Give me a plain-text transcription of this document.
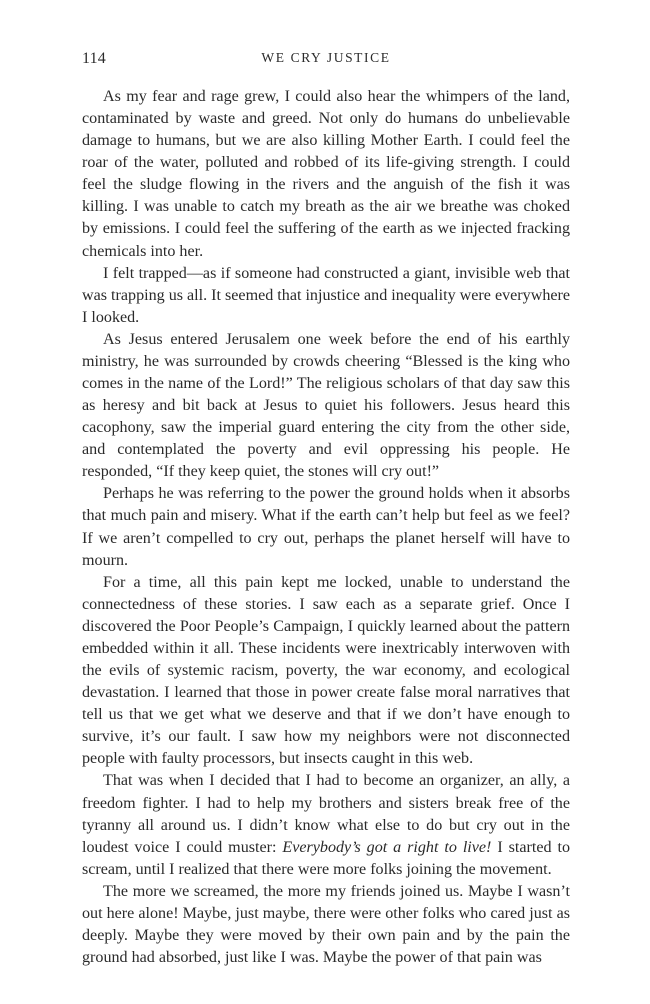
114	WE CRY JUSTICE

As my fear and rage grew, I could also hear the whimpers of the land, contaminated by waste and greed. Not only do humans do unbelievable damage to humans, but we are also killing Mother Earth. I could feel the roar of the water, polluted and robbed of its life-giving strength. I could feel the sludge flowing in the rivers and the anguish of the fish it was killing. I was unable to catch my breath as the air we breathe was choked by emissions. I could feel the suffering of the earth as we injected fracking chemicals into her.

I felt trapped—as if someone had constructed a giant, invisible web that was trapping us all. It seemed that injustice and inequality were everywhere I looked.

As Jesus entered Jerusalem one week before the end of his earthly ministry, he was surrounded by crowds cheering “Blessed is the king who comes in the name of the Lord!” The religious scholars of that day saw this as heresy and bit back at Jesus to quiet his followers. Jesus heard this cacophony, saw the imperial guard entering the city from the other side, and contemplated the poverty and evil oppressing his people. He responded, “If they keep quiet, the stones will cry out!”

Perhaps he was referring to the power the ground holds when it absorbs that much pain and misery. What if the earth can’t help but feel as we feel? If we aren’t compelled to cry out, perhaps the planet herself will have to mourn.

For a time, all this pain kept me locked, unable to understand the connectedness of these stories. I saw each as a separate grief. Once I discovered the Poor People’s Campaign, I quickly learned about the pattern embedded within it all. These incidents were inextricably interwoven with the evils of systemic racism, poverty, the war economy, and ecological devastation. I learned that those in power create false moral narratives that tell us that we get what we deserve and that if we don’t have enough to survive, it’s our fault. I saw how my neighbors were not disconnected people with faulty processors, but insects caught in this web.

That was when I decided that I had to become an organizer, an ally, a freedom fighter. I had to help my brothers and sisters break free of the tyranny all around us. I didn’t know what else to do but cry out in the loudest voice I could muster: Everybody’s got a right to live! I started to scream, until I realized that there were more folks joining the movement.

The more we screamed, the more my friends joined us. Maybe I wasn’t out here alone! Maybe, just maybe, there were other folks who cared just as deeply. Maybe they were moved by their own pain and by the pain the ground had absorbed, just like I was. Maybe the power of that pain was
